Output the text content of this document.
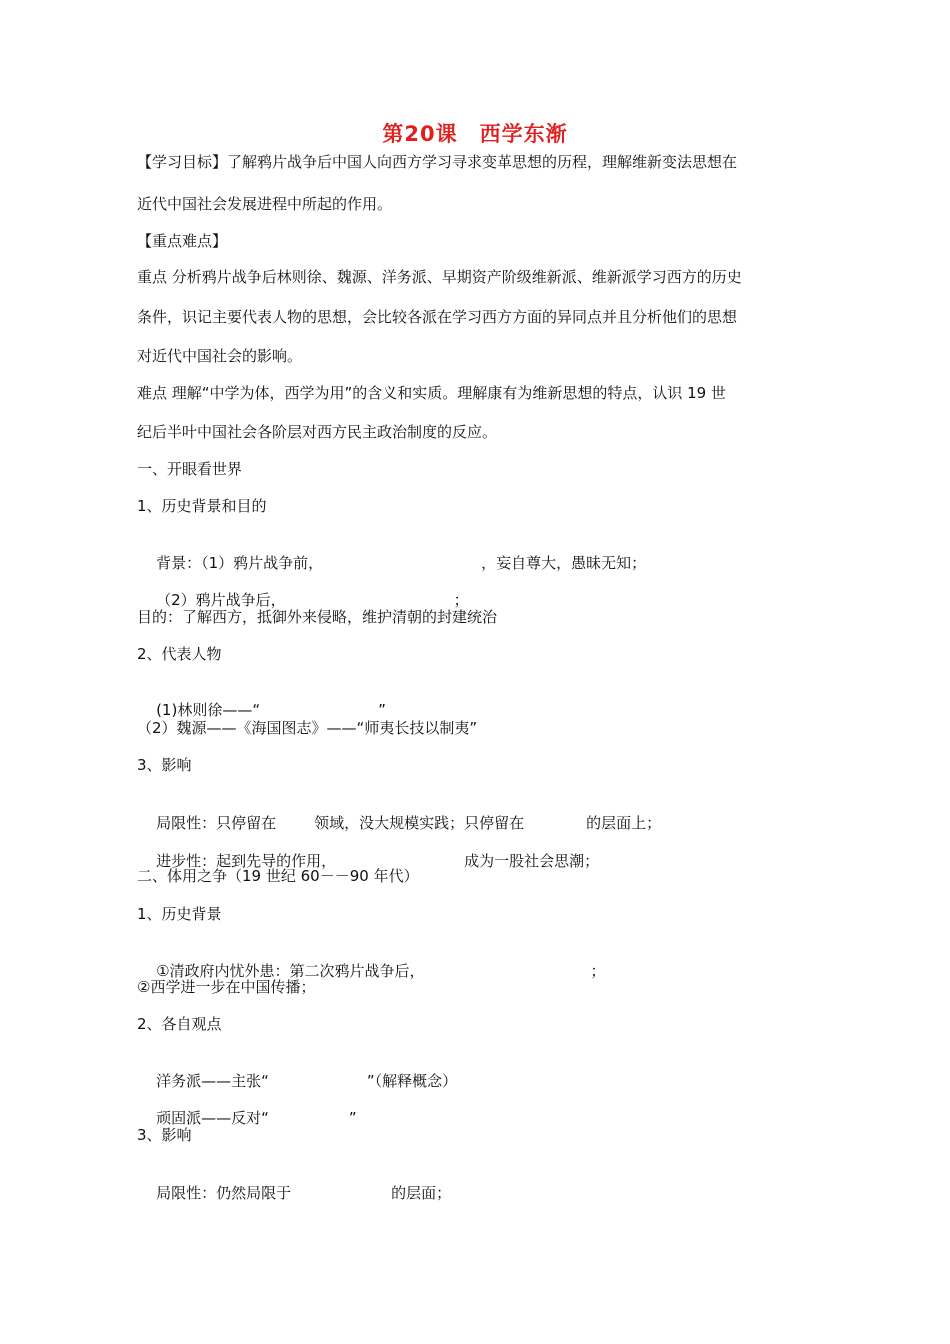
第20课　西学东渐
【学习目标】了解鸦片战争后中国人向西方学习寻求变革思想的历程，理解维新变法思想在
近代中国社会发展进程中所起的作用。
【重点难点】
重点 分析鸦片战争后林则徐、魏源、洋务派、早期资产阶级维新派、维新派学习西方的历史
条件，识记主要代表人物的思想，会比较各派在学习西方方面的异同点并且分析他们的思想
对近代中国社会的影响。
难点 理解“中学为体，西学为用”的含义和实质。理解康有为维新思想的特点，认识 19 世
纪后半叶中国社会各阶层对西方民主政治制度的反应。
一、开眼看世界
1、历史背景和目的

背景：（1）鸦片战争前，	，妄自尊大，愚昧无知；

（2）鸦片战争后，	；

目的：了解西方，抵御外来侵略，维护清朝的封建统治
2、代表人物

(1)林则徐——“	”

（2）魏源——《海国图志》——“师夷长技以制夷”
3、影响

局限性：只停留在	领域，没大规模实践；只停留在	的层面上；

进步性：起到先导的作用，	成为一股社会思潮；

二、体用之争（19 世纪 60－－90 年代）
1、历史背景

①清政府内忧外患：第二次鸦片战争后，	；

②西学进一步在中国传播；
2、各自观点

洋务派——主张“	”（解释概念）

顽固派——反对“	”

3、影响

局限性：仍然局限于	的层面；
